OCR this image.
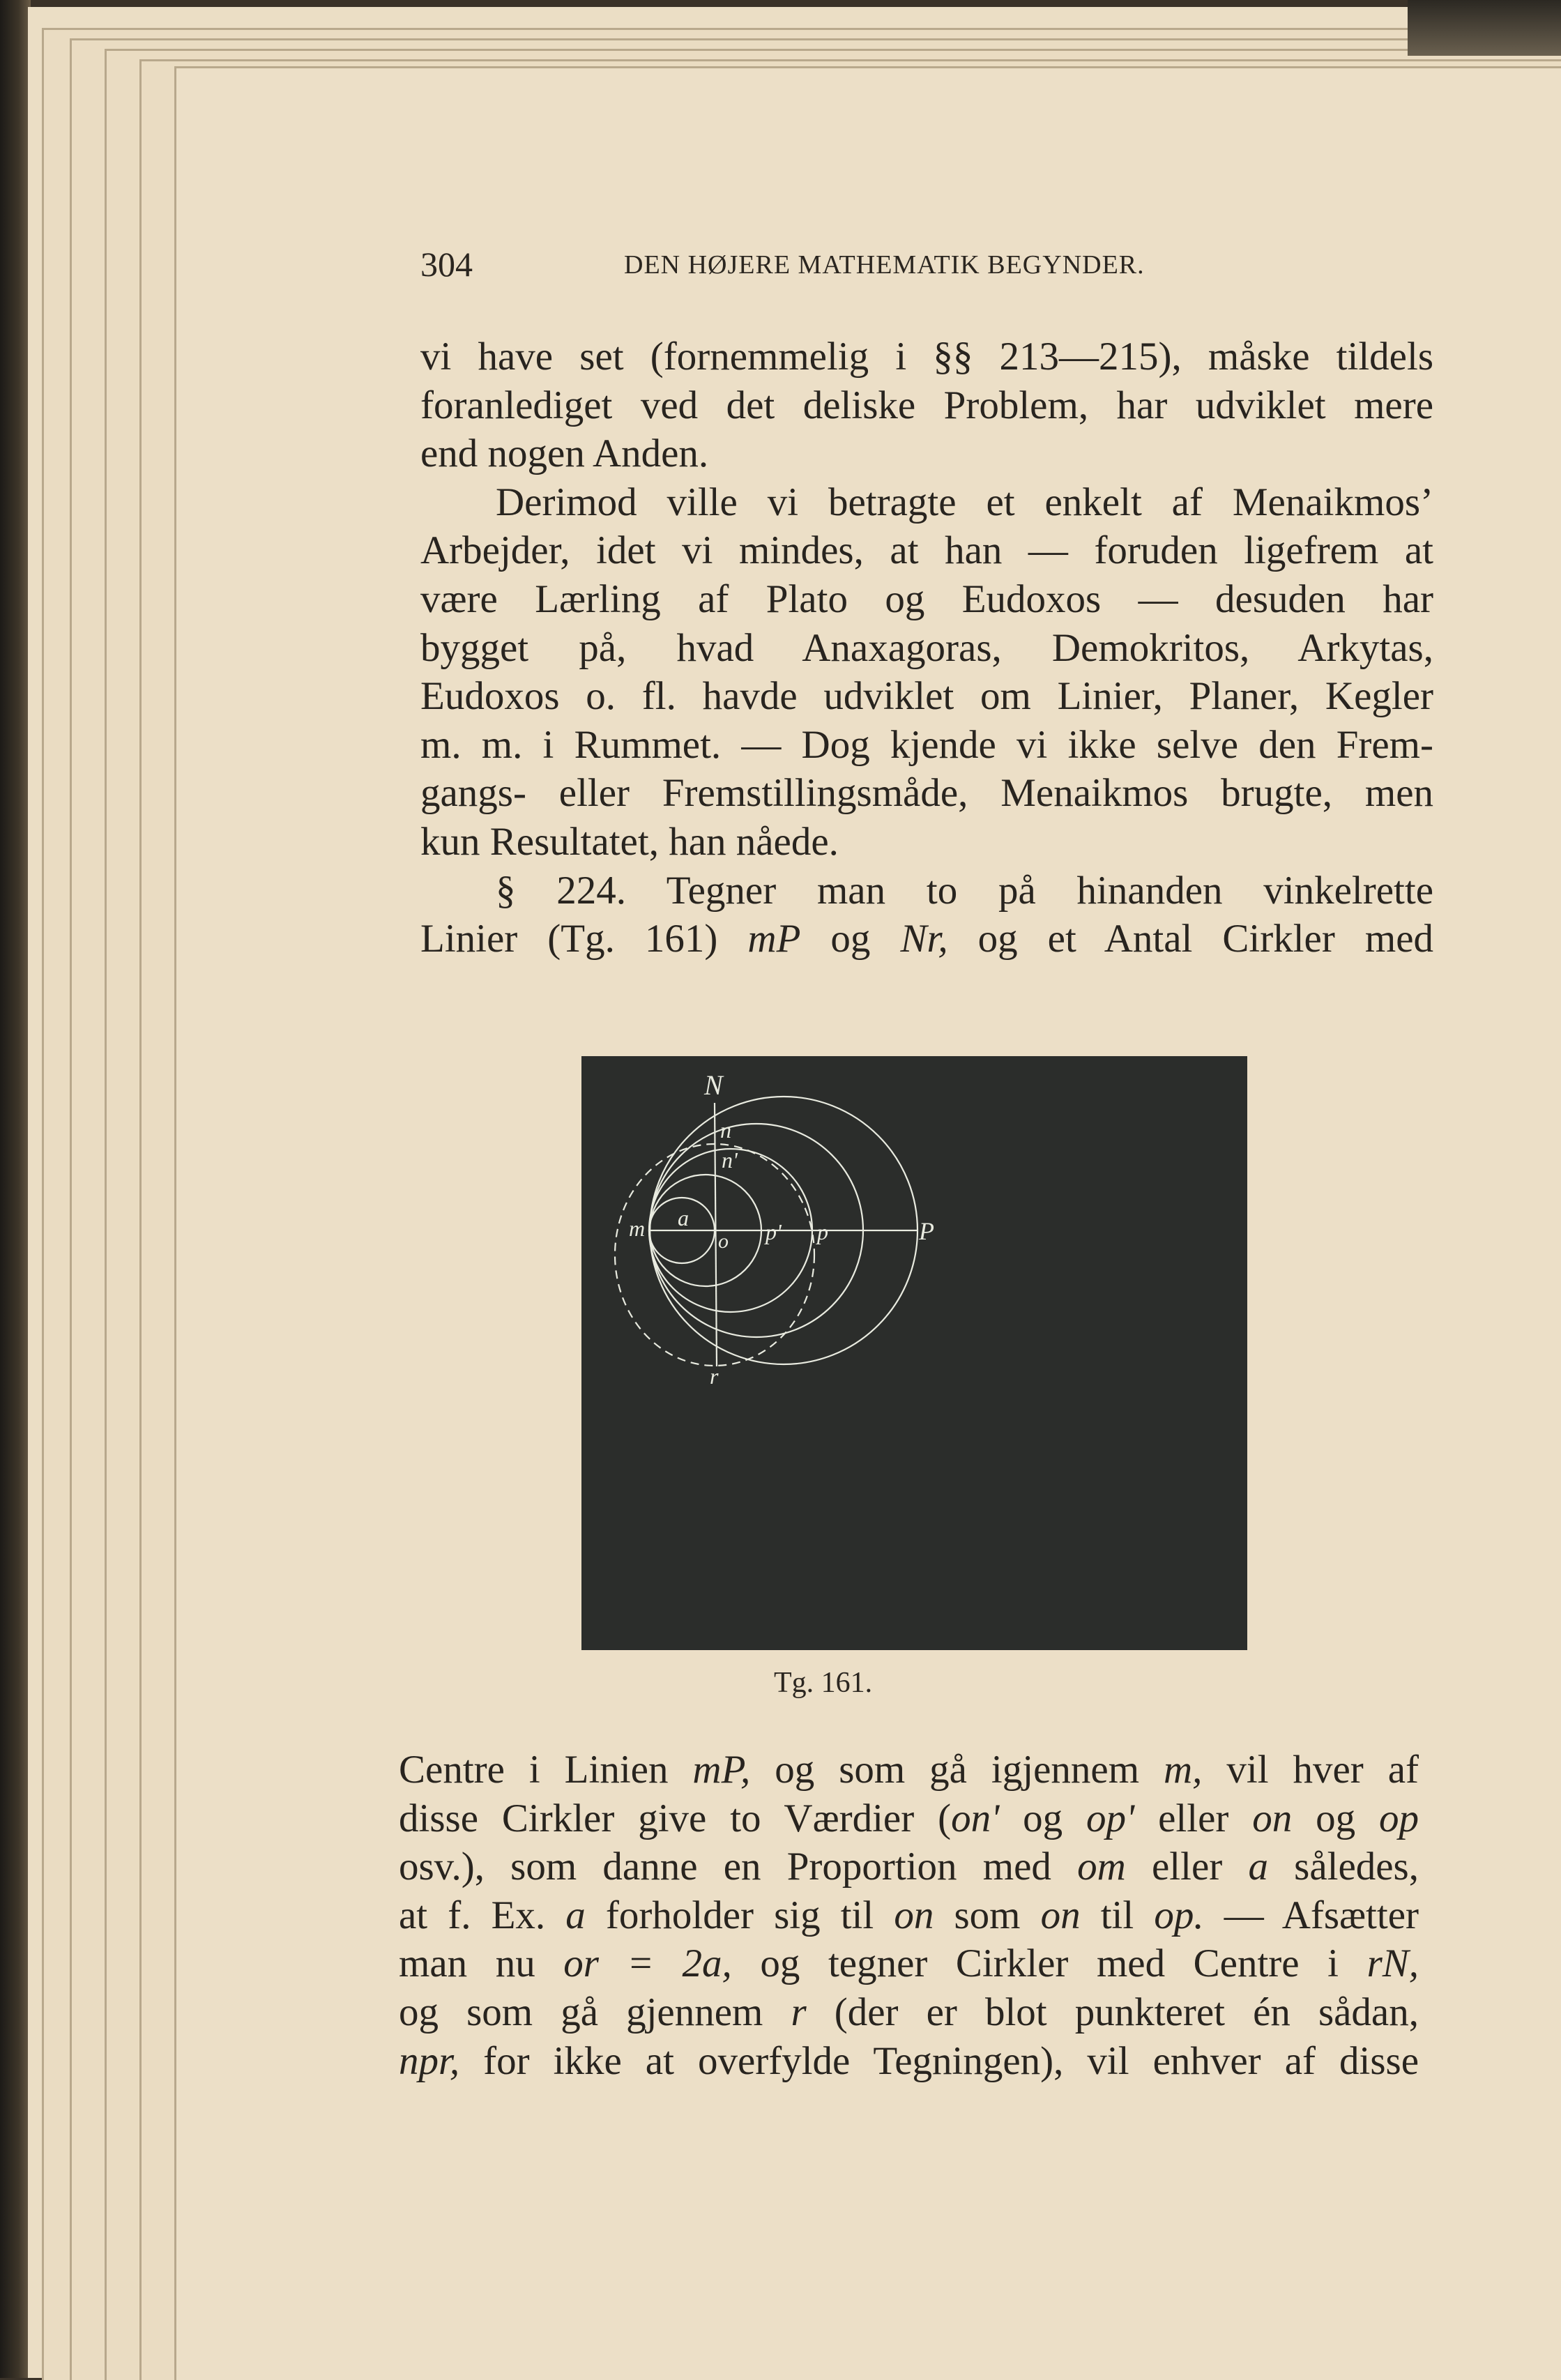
304	DEN HØJERE MATHEMATIK BEGYNDER.
vi have set (fornemmelig i §§ 213—215), måske tildels
foranlediget ved det deliske Problem, har udviklet mere
end nogen Anden.
Derimod ville vi betragte et enkelt af Menaikmos’
Arbejder, idet vi mindes, at han — foruden ligefrem at
være Lærling af Plato og Eudoxos — desuden har
bygget på, hvad Anaxagoras, Demokritos, Arkytas,
Eudoxos o. fl. havde udviklet om Linier, Planer, Kegler
m. m. i Rummet. — Dog kjende vi ikke selve den Frem-
gangs- eller Fremstillingsmåde, Menaikmos brugte, men
kun Resultatet, han nåede.
§ 224. Tegner man to på hinanden vinkelrette
Linier (Tg. 161) mP og Nr, og et Antal Cirkler med
N
n
n'
a
m
o p' p	P
r
Tg. 161.
Centre i Linien mP, og som gå igjennem m, vil hver af
disse Cirkler give to Værdier (on' og op' eller on og op
osv.), som danne en Proportion med om eller a således,
at f. Ex. a forholder sig til on som on til op. — Afsætter
man nu or = 2a, og tegner Cirkler med Centre i rN,
og som gå gjennem r (der er blot punkteret én sådan,
npr, for ikke at overfylde Tegningen), vil enhver af disse
